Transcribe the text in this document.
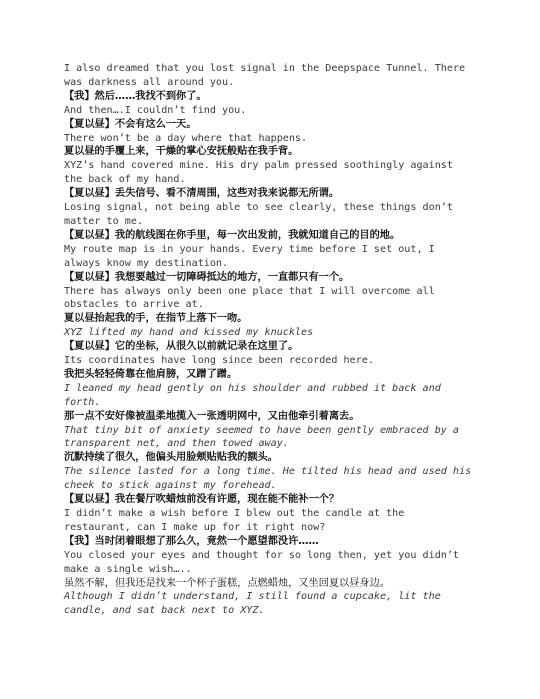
I also dreamed that you lost signal in the Deepspace Tunnel. There was darkness all around you.
【我】然后……我找不到你了。
And then….I couldn’t find you.
【夏以昼】不会有这么一天。
There won’t be a day where that happens.
夏以昼的手覆上来，干燥的掌心安抚般贴在我手背。
XYZ’s hand covered mine. His dry palm pressed soothingly against the back of my hand.
【夏以昼】丢失信号、看不清周围，这些对我来说都无所谓。
Losing signal, not being able to see clearly, these things don’t matter to me.
【夏以昼】我的航线图在你手里，每一次出发前，我就知道自己的目的地。
My route map is in your hands. Every time before I set out, I always know my destination.
【夏以昼】我想要越过一切障碍抵达的地方，一直都只有一个。
There has always only been one place that I will overcome all obstacles to arrive at.
夏以昼抬起我的手，在指节上落下一吻。
XYZ lifted my hand and kissed my knuckles
【夏以昼】它的坐标，从很久以前就记录在这里了。
Its coordinates have long since been recorded here.
我把头轻轻倚靠在他肩膀，又蹭了蹭。
I leaned my head gently on his shoulder and rubbed it back and forth.
那一点不安好像被温柔地揽入一张透明网中，又由他牵引着离去。
That tiny bit of anxiety seemed to have been gently embraced by a transparent net, and then towed away.
沉默持续了很久，他偏头用脸颊贴贴我的额头。
The silence lasted for a long time. He tilted his head and used his cheek to stick against my forehead.
【夏以昼】我在餐厅吹蜡烛前没有许愿，现在能不能补一个？
I didn’t make a wish before I blew out the candle at the restaurant, can I make up for it right now?
【我】当时闭着眼想了那么久，竟然一个愿望都没许……
You closed your eyes and thought for so long then, yet you didn’t make a single wish…..
虽然不解，但我还是找来一个杯子蛋糕，点燃蜡烛，又坐回夏以昼身边。
Although I didn’t understand, I still found a cupcake, lit the candle, and sat back next to XYZ.
